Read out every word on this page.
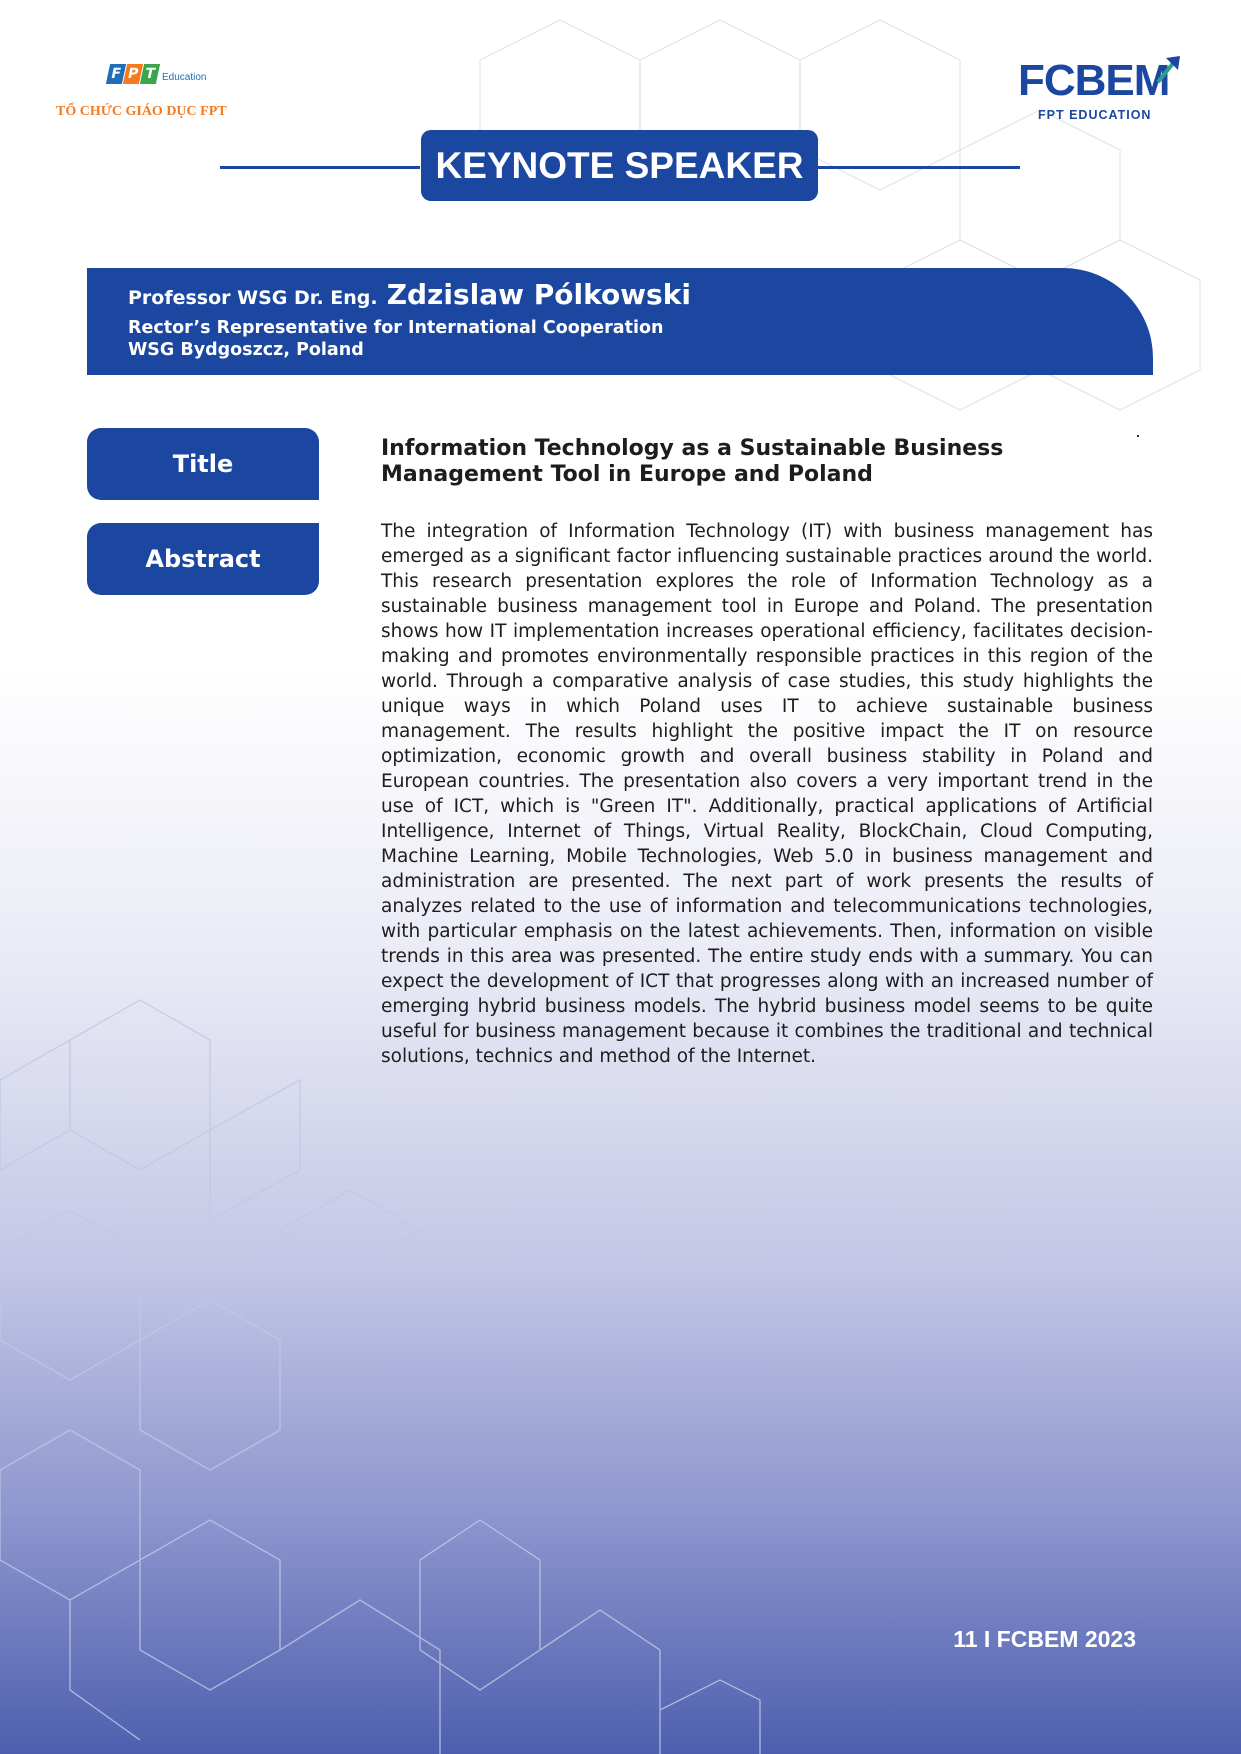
F P T Education
TỔ CHỨC GIÁO DỤC FPT
FCBEM
FPT EDUCATION
KEYNOTE SPEAKER
Professor WSG Dr. Eng. Zdzislaw Pólkowski
Rector’s Representative for International Cooperation
WSG Bydgoszcz, Poland
Title
Abstract
Information Technology as a Sustainable Business Management Tool in Europe and Poland

The integration of Information Technology (IT) with business management has emerged as a significant factor influencing sustainable practices around the world. This research presentation explores the role of Information Technology as a sustainable business management tool in Europe and Poland. The presentation shows how IT implementation increases operational efficiency, facilitates decision-making and promotes environmentally responsible practices in this region of the world. Through a comparative analysis of case studies, this study highlights the unique ways in which Poland uses IT to achieve sustainable business management. The results highlight the positive impact the IT on resource optimization, economic growth and overall business stability in Poland and European countries. The presentation also covers a very important trend in the use of ICT, which is "Green IT". Additionally, practical applications of Artificial Intelligence, Internet of Things, Virtual Reality, BlockChain, Cloud Computing, Machine Learning, Mobile Technologies, Web 5.0 in business management and administration are presented. The next part of work presents the results of analyzes related to the use of information and telecommunications technologies, with particular emphasis on the latest achievements. Then, information on visible trends in this area was presented. The entire study ends with a summary. You can expect the development of ICT that progresses along with an increased number of emerging hybrid business models. The hybrid business model seems to be quite useful for business management because it combines the traditional and technical solutions, technics and method of the Internet.

11 I FCBEM 2023
